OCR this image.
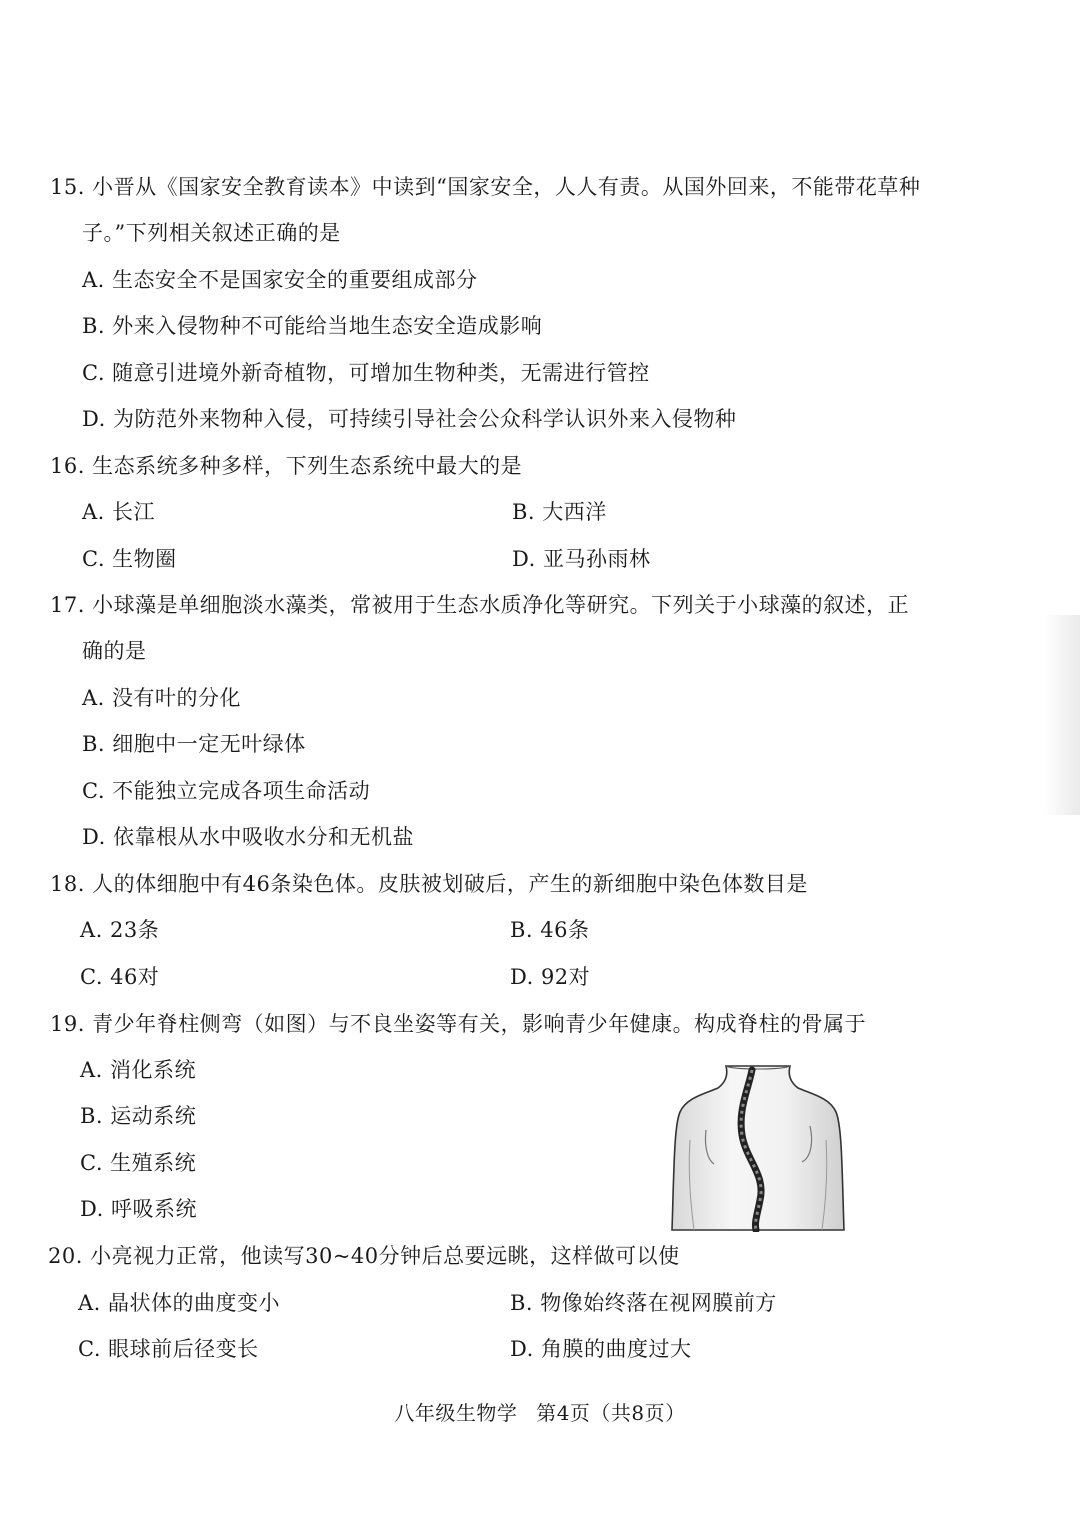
15. 小晋从《国家安全教育读本》中读到“国家安全，人人有责。从国外回来，不能带花草种
子。”下列相关叙述正确的是
A. 生态安全不是国家安全的重要组成部分
B. 外来入侵物种不可能给当地生态安全造成影响
C. 随意引进境外新奇植物，可增加生物种类，无需进行管控
D. 为防范外来物种入侵，可持续引导社会公众科学认识外来入侵物种
16. 生态系统多种多样，下列生态系统中最大的是
A. 长江	B. 大西洋
C. 生物圈	D. 亚马孙雨林
17. 小球藻是单细胞淡水藻类，常被用于生态水质净化等研究。下列关于小球藻的叙述，正
确的是
A. 没有叶的分化
B. 细胞中一定无叶绿体
C. 不能独立完成各项生命活动
D. 依靠根从水中吸收水分和无机盐
18. 人的体细胞中有46条染色体。皮肤被划破后，产生的新细胞中染色体数目是
A. 23条	B. 46条
C. 46对	D. 92对
19. 青少年脊柱侧弯（如图）与不良坐姿等有关，影响青少年健康。构成脊柱的骨属于
A. 消化系统
B. 运动系统
C. 生殖系统
D. 呼吸系统
20. 小亮视力正常，他读写30~40分钟后总要远眺，这样做可以使
A. 晶状体的曲度变小	B. 物像始终落在视网膜前方
C. 眼球前后径变长	D. 角膜的曲度过大
八年级生物学 第4页（共8页）
